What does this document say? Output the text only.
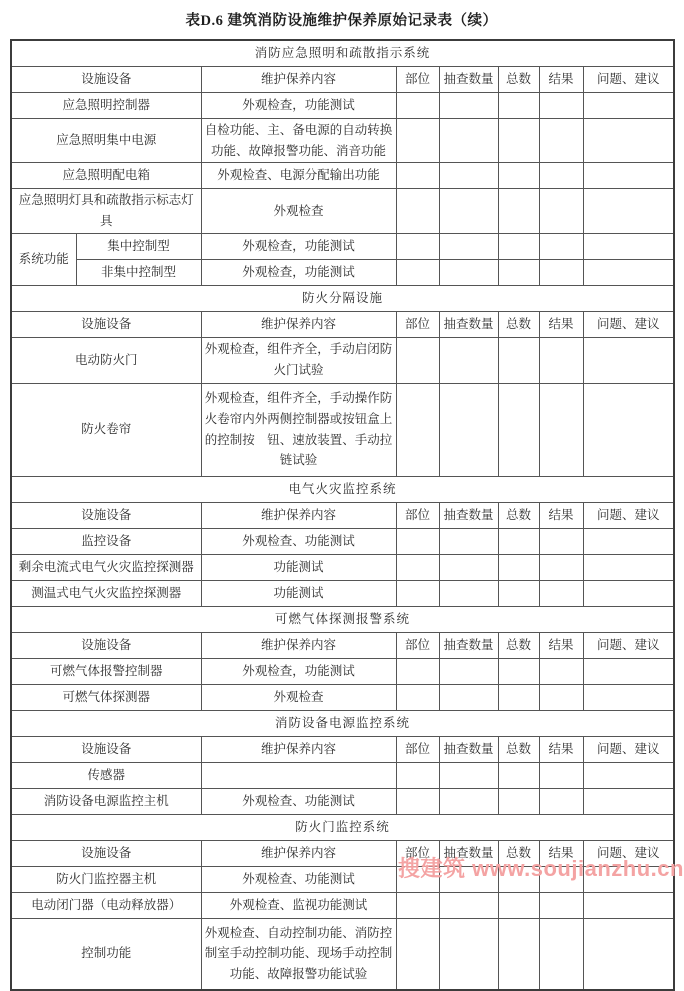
表D.6 建筑消防设施维护保养原始记录表（续）
消防应急照明和疏散指示系统							
设施设备		维护保养内容	部位	抽查数量	总数	结果	问题、建议
应急照明控制器		外观检查，功能测试					
应急照明集中电源		自检功能、主、备电源的自动转换功能、故障报警功能、消音功能					
应急照明配电箱		外观检查、电源分配输出功能					
应急照明灯具和疏散指示标志灯具		外观检查					
系统功能	集中控制型	外观检查，功能测试					
	非集中控制型	外观检查，功能测试					
防火分隔设施							
设施设备		维护保养内容	部位	抽查数量	总数	结果	问题、建议
电动防火门		外观检查，组件齐全，手动启闭防火门试验					
防火卷帘		外观检查，组件齐全，手动操作防火卷帘内外两侧控制器或按钮盒上的控制按　钮、速放装置、手动拉链试验					
电气火灾监控系统							
设施设备		维护保养内容	部位	抽查数量	总数	结果	问题、建议
监控设备		外观检查、功能测试					
剩余电流式电气火灾监控探测器		功能测试					
测温式电气火灾监控探测器		功能测试					
可燃气体探测报警系统							
设施设备		维护保养内容	部位	抽查数量	总数	结果	问题、建议
可燃气体报警控制器		外观检查，功能测试					
可燃气体探测器		外观检查					
消防设备电源监控系统							
设施设备		维护保养内容	部位	抽查数量	总数	结果	问题、建议
传感器							
消防设备电源监控主机		外观检查、功能测试					
防火门监控系统							
设施设备		维护保养内容	部位	抽查数量	总数	结果	问题、建议
防火门监控器主机		外观检查、功能测试					
电动闭门器（电动释放器）		外观检查、监视功能测试					
控制功能		外观检查、自动控制功能、消防控制室手动控制功能、现场手动控制功能、故障报警功能试验					
搜建筑 www.soujianzhu.cn
